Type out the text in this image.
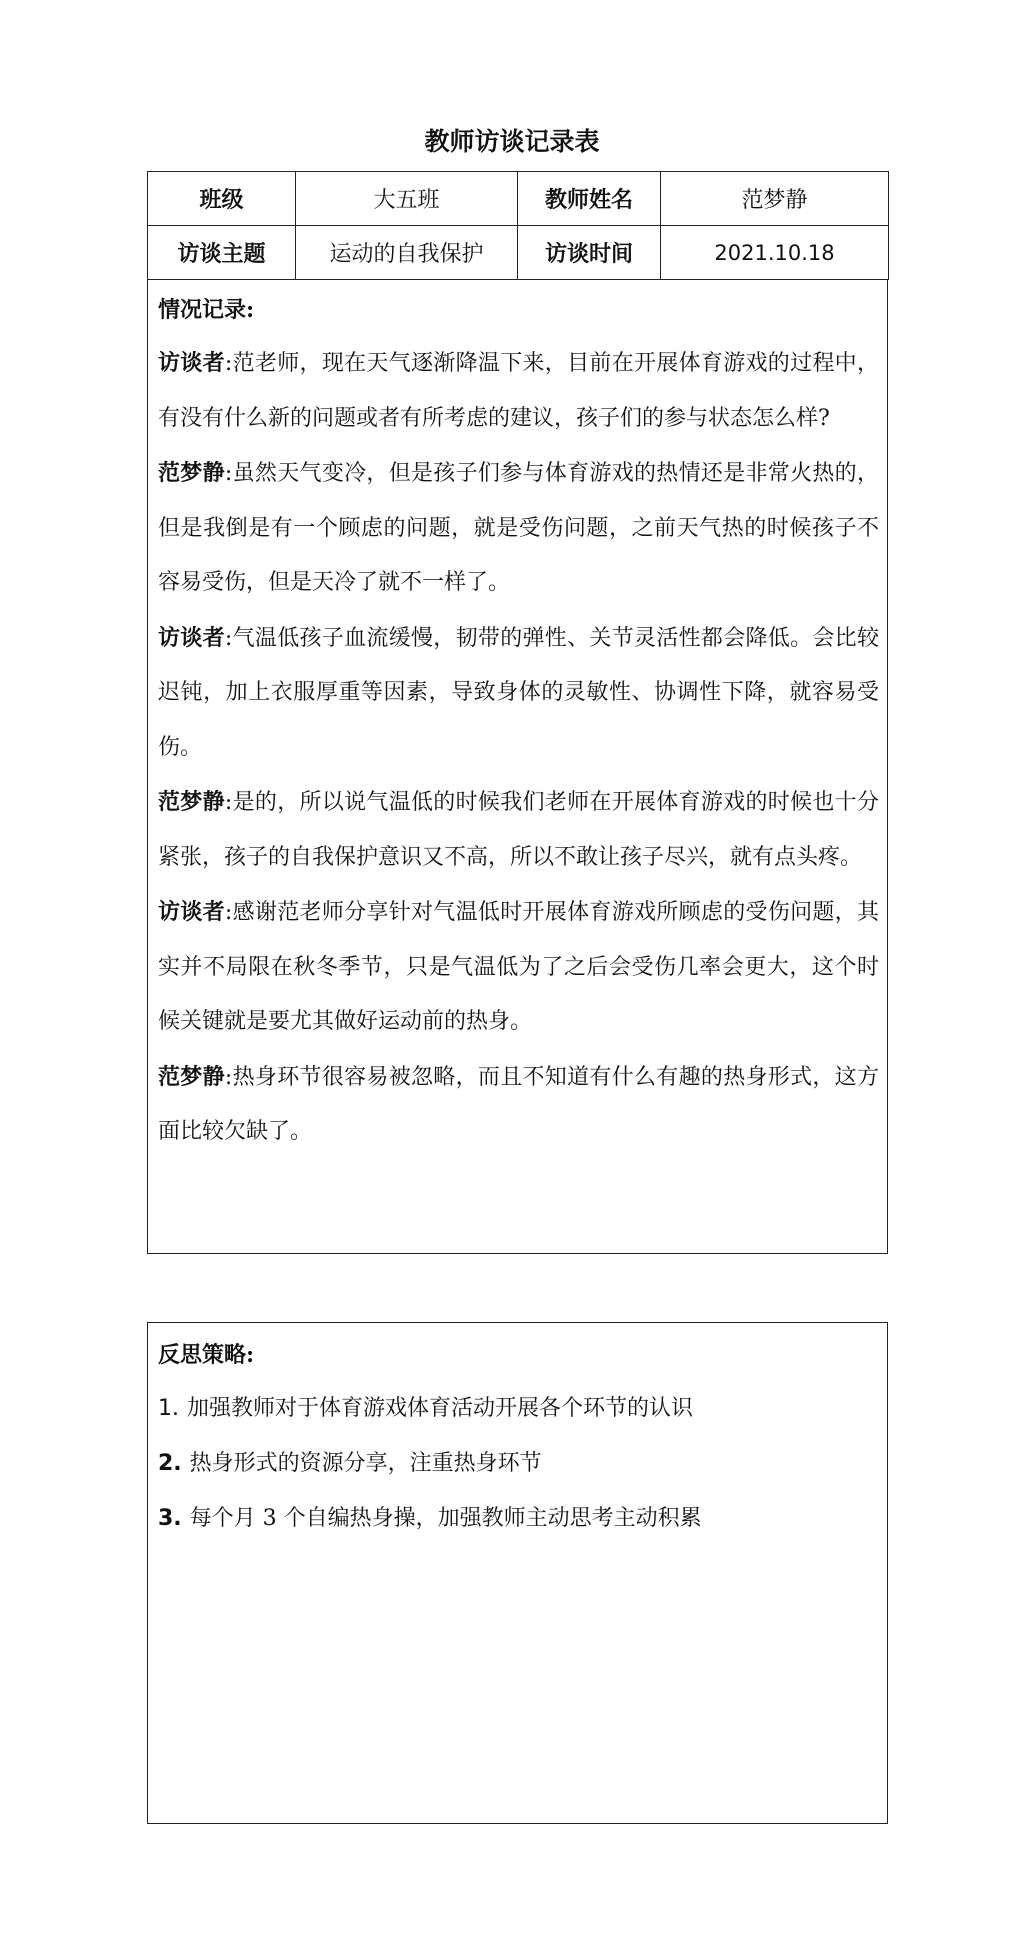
教师访谈记录表
班级	大五班	教师姓名	范梦静
访谈主题	运动的自我保护	访谈时间	2021.10.18
情况记录:

访谈者:范老师，现在天气逐渐降温下来，目前在开展体育游戏的过程中，有没有什么新的问题或者有所考虑的建议，孩子们的参与状态怎么样?

范梦静:虽然天气变冷，但是孩子们参与体育游戏的热情还是非常火热的，但是我倒是有一个顾虑的问题，就是受伤问题，之前天气热的时候孩子不容易受伤，但是天冷了就不一样了。

访谈者:气温低孩子血流缓慢，韧带的弹性、关节灵活性都会降低。会比较迟钝，加上衣服厚重等因素，导致身体的灵敏性、协调性下降，就容易受伤。

范梦静:是的，所以说气温低的时候我们老师在开展体育游戏的时候也十分紧张，孩子的自我保护意识又不高，所以不敢让孩子尽兴，就有点头疼。

访谈者:感谢范老师分享针对气温低时开展体育游戏所顾虑的受伤问题，其实并不局限在秋冬季节，只是气温低为了之后会受伤几率会更大，这个时候关键就是要尤其做好运动前的热身。

范梦静:热身环节很容易被忽略，而且不知道有什么有趣的热身形式，这方面比较欠缺了。

反思策略:
1. 加强教师对于体育游戏体育活动开展各个环节的认识
2. 热身形式的资源分享，注重热身环节
3. 每个月 3 个自编热身操，加强教师主动思考主动积累
